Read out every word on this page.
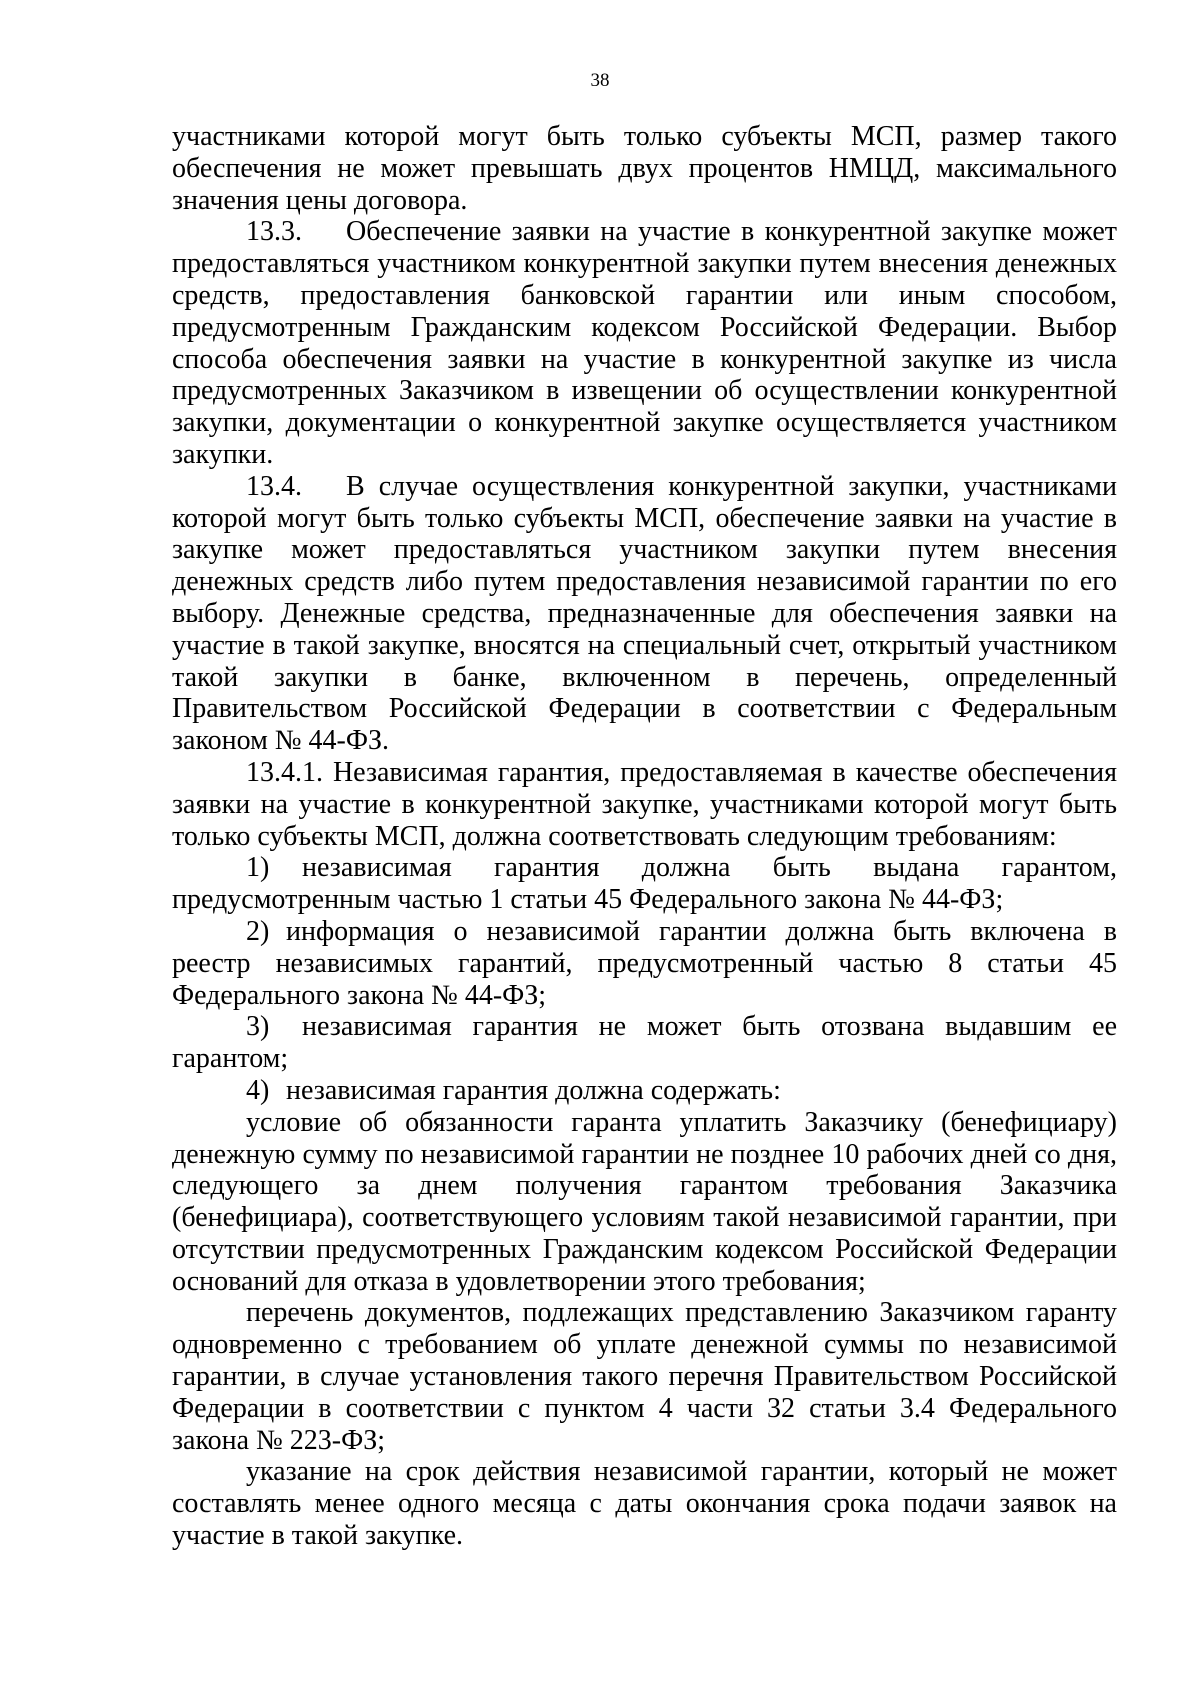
38

участниками которой могут быть только субъекты МСП, размер такого обеспечения не может превышать двух процентов НМЦД, максимального значения цены договора.

13.3. Обеспечение заявки на участие в конкурентной закупке может предоставляться участником конкурентной закупки путем внесения денежных средств, предоставления банковской гарантии или иным способом, предусмотренным Гражданским кодексом Российской Федерации. Выбор способа обеспечения заявки на участие в конкурентной закупке из числа предусмотренных Заказчиком в извещении об осуществлении конкурентной закупки, документации о конкурентной закупке осуществляется участником закупки.

13.4. В случае осуществления конкурентной закупки, участниками которой могут быть только субъекты МСП, обеспечение заявки на участие в закупке может предоставляться участником закупки путем внесения денежных средств либо путем предоставления независимой гарантии по его выбору. Денежные средства, предназначенные для обеспечения заявки на участие в такой закупке, вносятся на специальный счет, открытый участником такой закупки в банке, включенном в перечень, определенный Правительством Российской Федерации в соответствии с Федеральным законом № 44-ФЗ.

13.4.1. Независимая гарантия, предоставляемая в качестве обеспечения заявки на участие в конкурентной закупке, участниками которой могут быть только субъекты МСП, должна соответствовать следующим требованиям:

1) независимая гарантия должна быть выдана гарантом, предусмотренным частью 1 статьи 45 Федерального закона № 44-ФЗ;

2) информация о независимой гарантии должна быть включена в реестр независимых гарантий, предусмотренный частью 8 статьи 45 Федерального закона № 44-ФЗ;

3) независимая гарантия не может быть отозвана выдавшим ее гарантом;

4) независимая гарантия должна содержать:

условие об обязанности гаранта уплатить Заказчику (бенефициару) денежную сумму по независимой гарантии не позднее 10 рабочих дней со дня, следующего за днем получения гарантом требования Заказчика (бенефициара), соответствующего условиям такой независимой гарантии, при отсутствии предусмотренных Гражданским кодексом Российской Федерации оснований для отказа в удовлетворении этого требования;

перечень документов, подлежащих представлению Заказчиком гаранту одновременно с требованием об уплате денежной суммы по независимой гарантии, в случае установления такого перечня Правительством Российской Федерации в соответствии с пунктом 4 части 32 статьи 3.4 Федерального закона № 223-ФЗ;

указание на срок действия независимой гарантии, который не может составлять менее одного месяца с даты окончания срока подачи заявок на участие в такой закупке.
